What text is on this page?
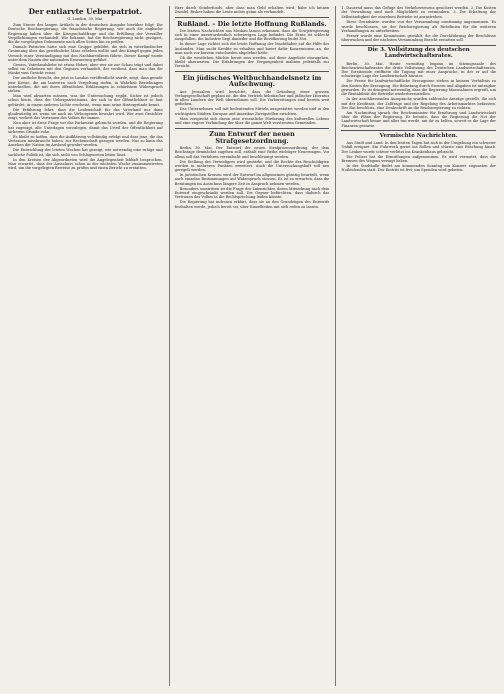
Der entlarvte Ueberpatriot.
G. London, 30. Mai.

Zum Sturze des langen Artikels in der deutschen Ausgabe hierüber folgt: Die Deutsche Reichsregierung, die französische Regierung, wie auch die englische Regierung haben über die Kriegsschuldfrage und die Erfüllung der Versailler Verpflichtungen verhandelt. Wie bekannt, hat die Reichsregierung nicht gezögert, die ihr vorgelegten Dokumente nach allen Seiten hin zu prüfen.

Damals Patrioten hatte sich eine Gruppe gebildet, die sich in vaterländischer Gesinnung über das gewöhnliche Mass erheben wollte und den Kampf gegen jeden Versuch einer Verständigung mit den Nachbarvölkern führte. Dieser Kampf wurde unter dem Namen der nationalen Erneuerung geführt.

Gewiss, Vaterlandsliebe ist etwas Hohes, aber wer sie zur Schau trägt und dabei selbst im Geheimen mit den Gegnern verhandelt, der verdient, dass man ihm die Maske vom Gesicht reisst.

Der amtliche Bericht, der jetzt in London veröffentlicht wurde, zeigt, dass gerade jene Kreise, die am lautesten nach Vergeltung riefen, in Wahrheit Beziehungen unterhielten, die mit ihren öffentlichen Erklärungen in schärfstem Widerspruch stehen.

Man wird abwarten müssen, was die Untersuchung ergibt. Sicher ist jedoch schon heute, dass der Ueberpatriotismus, der sich in der Öffentlichkeit so laut gebärdet, in einem anderen Lichte erscheint, wenn man seine Hintergründe kennt.

Die Erfahrung lehrt, dass die Leidenschaft für das Vaterland nur dann glaubwürdig ist, wenn sie auch im Verborgenen bewahrt wird. Wer zwei Gesichter zeigt, verliert das Vertrauen des Volkes für immer.

Nun aber ist diese Frage vor das Parlament gebracht worden, und die Regierung hat zugesagt, alle Unterlagen vorzulegen, damit das Urteil der Öffentlichkeit auf sicherem Grunde ruhe.

Es bleibt zu hoffen, dass die Aufklärung vollständig erfolgt und dass jene, die das Vertrauen missbraucht haben, zur Rechenschaft gezogen werden. Nur so kann das Ansehen der Nation im Ausland gewahrt werden.

Die Entwicklung der letzten Wochen hat gezeigt, wie notwendig eine ruhige und sachliche Politik ist, die sich nicht von Schlagworten leiten lässt.

In den Kreisen der Abgeordneten wird die Angelegenheit lebhaft besprochen. Man erwartet, dass der Ausschuss schon in der nächsten Woche zusammentreten wird, um die vorgelegten Beweise zu prüfen und einen Bericht zu erstatten.

Herr durch Sonderfonds, aber dass man Geld erhalten wird, habe ich keinen Zweifel. Bisher haben die Leute nichts getan als verhandelt.
Rußland. – Die letzte Hoffnung Rußlands.

Die letzten Nachrichten aus Moskau lassen erkennen, dass die Sowjetregierung sich in einer ausserordentlich schwierigen Lage befindet. Die Ernte ist schlecht ausgefallen, die Industrie liegt danieder und die Bevölkerung leidet Not.

In dieser Lage richtet sich die letzte Hoffnung der Machthaber auf die Hilfe des Auslandes. Man sucht Kredite zu erhalten und bietet dafür Konzessionen an, die man noch vor kurzem entschieden abgelehnt hätte.

Ob die westlichen Mächte bereit sein werden, auf diese Angebote einzugehen, bleibt abzuwarten. Die Erfahrungen der Vergangenheit mahnen jedenfalls zur Vorsicht.

Ein jüdisches Weltbuchhandelsnetz im Aufschwung.

Aus Jerusalem wird berichtet, dass die Gründung einer grossen Verlagsgesellschaft geplant ist, die den Vertrieb hebräischer und jüdischer Literatur in allen Ländern der Welt übernehmen soll. Die Vorbereitungen sind bereits weit gediehen.

Das Unternehmen soll mit bedeutenden Mitteln ausgestattet werden und in den wichtigsten Städten Europas und Amerikas Zweigstellen errichten.

Man verspricht sich davon eine wesentliche Förderung des kulturellen Lebens und eine engere Verbindung der über die ganze Welt verstreuten Gemeinden.

Zum Entwurf der neuen Strafgesetzordnung.

Berlin, 30. Mai. Der Entwurf der neuen Strafprozessordnung, der dem Reichstage demnächst zugehen soll, enthält eine Reihe wichtiger Neuerungen. Vor allem soll das Verfahren vereinfacht und beschleunigt werden.

Die Stellung des Verteidigers wird gestärkt, und die Rechte des Beschuldigten werden in mehreren Punkten erweitert. Auch die Untersuchungshaft soll neu geregelt werden.

In juristischen Kreisen wird der Entwurf im allgemeinen günstig beurteilt, wenn auch einzelne Bestimmungen auf Widerspruch stossen. Es ist zu erwarten, dass die Beratungen im Ausschuss längere Zeit in Anspruch nehmen werden.

Besonders umstritten ist die Frage der Laienrichter, deren Mitwirkung nach dem Entwurf eingeschränkt werden soll. Die Gegner befürchten, dass dadurch das Vertrauen des Volkes in die Rechtsprechung leiden könnte.

Die Regierung hat indessen erklärt, dass sie an den Grundzügen des Entwurfs festhalten werde, jedoch bereit sei, über Einzelheiten mit sich reden zu lassen.

1. Dauernd muss das Gefüge des Verkehrswesens gesichert werden. 2. Die Kosten der Verwaltung sind nach Möglichkeit zu vermindern. 3. Die Erhaltung der Selbständigkeit der einzelnen Betriebe ist anzustreben.

Diese Grundsätze wurden von der Versammlung einstimmig angenommen. Es wurde beschlossen, sie der Reichsregierung als Richtlinien für die weiteren Verhandlungen zu unterbreiten.

Ferner wurde eine Kommission gewählt, die die Durchführung der Beschlüsse überwachen und der nächsten Versammlung Bericht erstatten soll.

Die 3. Vollsitzung des deutschen Landwirtschaftsrates.

Berlin, 30. Mai. Heute vormittag begann im Sitzungssaale des Reichswirtschaftsrates die dritte Vollsitzung des Deutschen Landwirtschaftsrates. Der Vorsitzende eröffnete die Tagung mit einer Ansprache, in der er auf die schwierige Lage der Landwirtschaft hinwies.

Die Preise für landwirtschaftliche Erzeugnisse stehen in keinem Verhältnis zu den Kosten der Erzeugung. Die Belastung durch Steuern und Abgaben ist untragbar geworden. Es ist dringend notwendig, dass die Regierung Massnahmen ergreift, um die Rentabilität der Betriebe wiederherzustellen.

In der anschliessenden Aussprache wurden zahlreiche Anträge gestellt, die sich mit der Kreditnot, der Zollfrage und der Regelung des Arbeitsmarktes befassten. Der Rat beschloss, eine Denkschrift an die Reichsregierung zu richten.

Am Nachmittag sprach der Reichsminister für Ernährung und Landwirtschaft über die Pläne der Regierung. Er betonte, dass die Regierung die Not der Landwirtschaft kenne und alles tun werde, um ihr zu helfen, soweit es die Lage der Finanzen gestatte.

Vermischte Nachrichten.

Aus Stadt und Land. In den letzten Tagen hat sich in der Umgebung ein schwerer Unfall ereignet. Ein Fuhrwerk geriet ins Rollen und stürzte eine Böschung hinab. Der Lenker wurde schwer verletzt ins Krankenhaus gebracht.

Die Polizei hat die Ermittlungen aufgenommen. Es wird vermutet, dass die Bremsen des Wagens versagt haben.

In der Stadthalle findet am kommenden Sonntag ein Konzert zugunsten der Notleidenden statt. Der Eintritt ist frei; um Spenden wird gebeten.
